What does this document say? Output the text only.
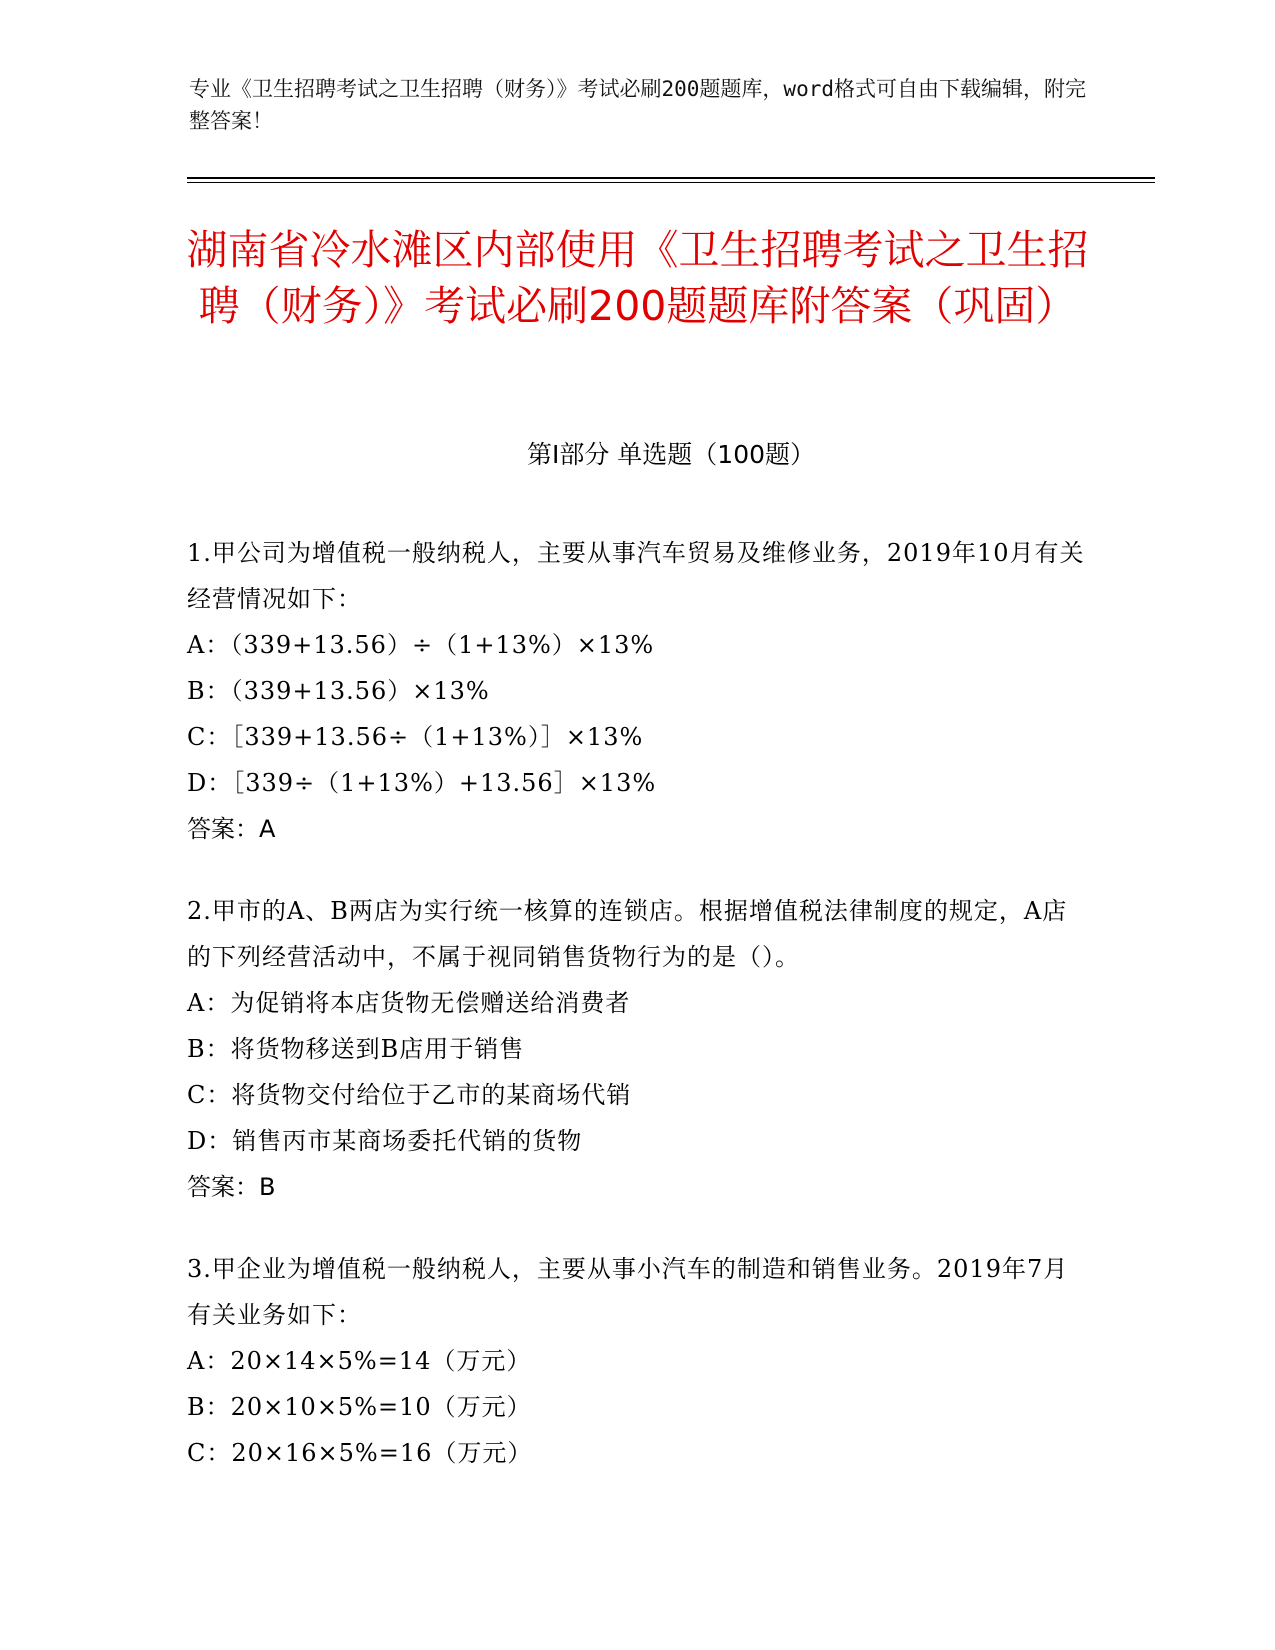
专业《卫生招聘考试之卫生招聘（财务）》考试必刷200题题库，word格式可自由下载编辑，附完整答案！
湖南省冷水滩区内部使用《卫生招聘考试之卫生招聘（财务）》考试必刷200题题库附答案（巩固）
第I部分 单选题（100题）
1.甲公司为增值税一般纳税人，主要从事汽车贸易及维修业务，2019年10月有关经营情况如下：
A：（339+13.56）÷（1+13%）×13%
B：（339+13.56）×13%
C：［339+13.56÷（1+13%）］×13%
D：［339÷（1+13%）+13.56］×13%
答案：A
2.甲市的A、B两店为实行统一核算的连锁店。根据增值税法律制度的规定，A店的下列经营活动中，不属于视同销售货物行为的是（）。
A：为促销将本店货物无偿赠送给消费者
B：将货物移送到B店用于销售
C：将货物交付给位于乙市的某商场代销
D：销售丙市某商场委托代销的货物
答案：B
3.甲企业为增值税一般纳税人，主要从事小汽车的制造和销售业务。2019年7月有关业务如下：
A：20×14×5%=14（万元）
B：20×10×5%=10（万元）
C：20×16×5%=16（万元）
